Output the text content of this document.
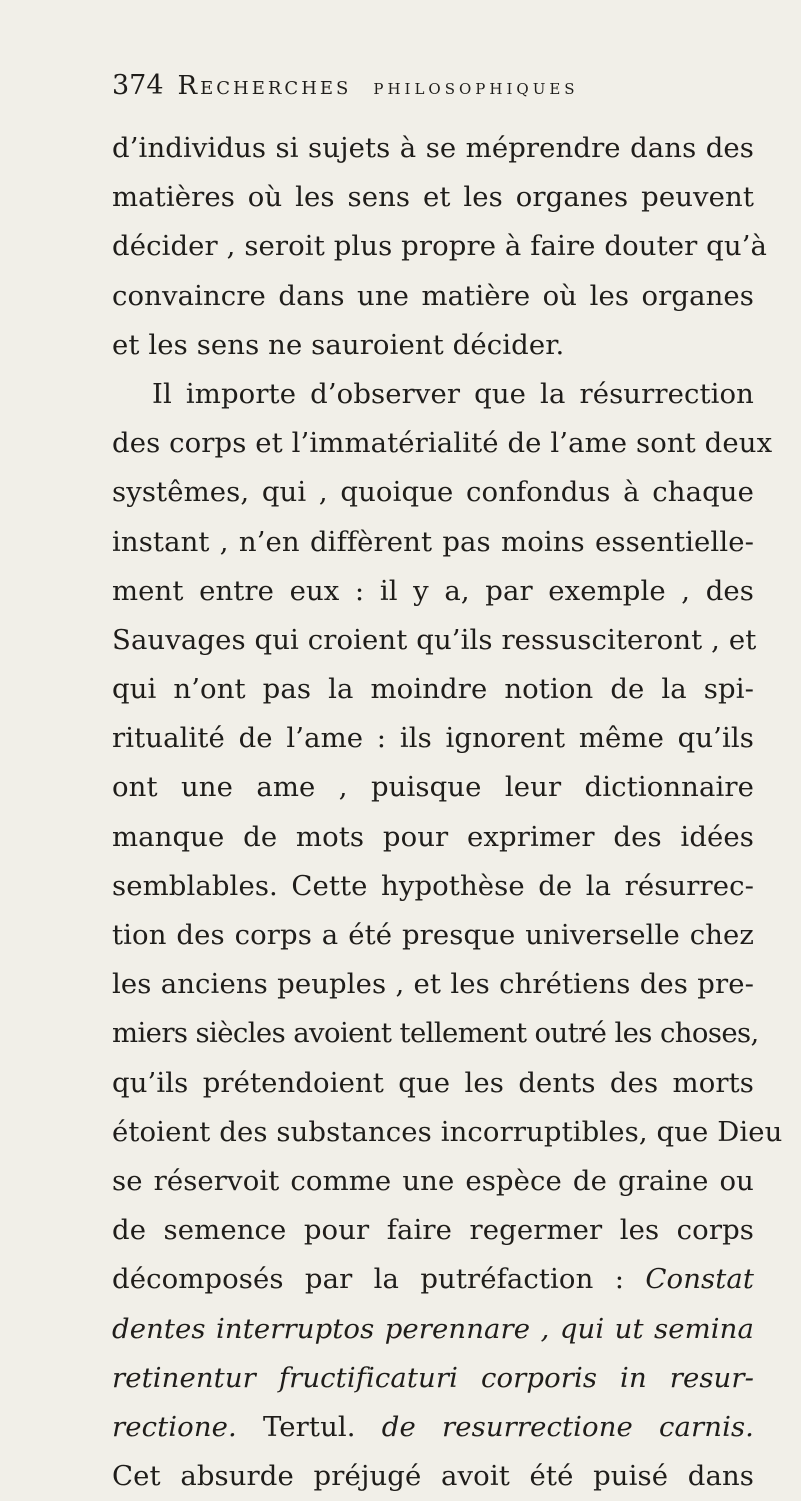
374 Recherches philosophiques
d’individus si sujets à se méprendre dans des
matières où les sens et les organes peuvent
décider , seroit plus propre à faire douter qu’à
convaincre dans une matière où les organes
et les sens ne sauroient décider.
Il importe d’observer que la résurrection
des corps et l’immatérialité de l’ame sont deux
systêmes, qui , quoique confondus à chaque
instant , n’en diffèrent pas moins essentielle-
ment entre eux : il y a, par exemple , des
Sauvages qui croient qu’ils ressusciteront , et
qui n’ont pas la moindre notion de la spi-
ritualité de l’ame : ils ignorent même qu’ils
ont une ame , puisque leur dictionnaire
manque de mots pour exprimer des idées
semblables. Cette hypothèse de la résurrec-
tion des corps a été presque universelle chez
les anciens peuples , et les chrétiens des pre-
miers siècles avoient tellement outré les choses,
qu’ils prétendoient que les dents des morts
étoient des substances incorruptibles, que Dieu
se réservoit comme une espèce de graine ou
de semence pour faire regermer les corps
décomposés par la putréfaction : Constat
dentes interruptos perennare , qui ut semina
retinentur fructificaturi corporis in resur-
rectione. Tertul. de resurrectione carnis.
Cet absurde préjugé avoit été puisé dans
